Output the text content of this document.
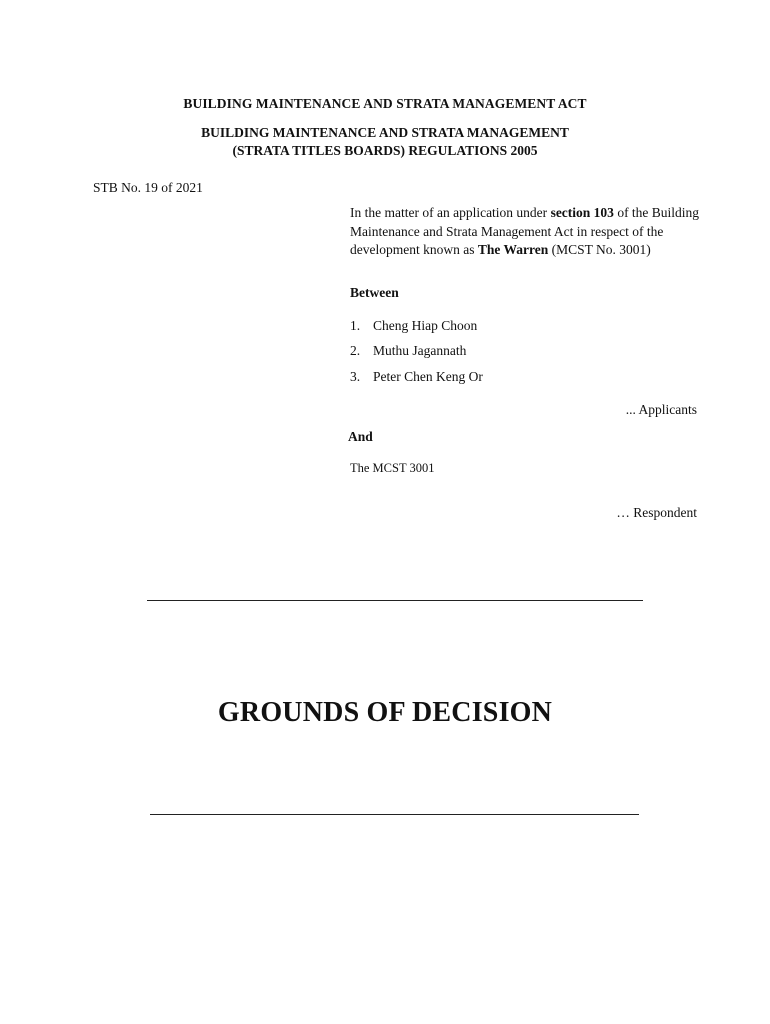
BUILDING MAINTENANCE AND STRATA MANAGEMENT ACT
BUILDING MAINTENANCE AND STRATA MANAGEMENT
(STRATA TITLES BOARDS) REGULATIONS 2005
STB No. 19 of 2021
In the matter of an application under section 103 of the Building Maintenance and Strata Management Act in respect of the development known as The Warren (MCST No. 3001)
Between
1. Cheng Hiap Choon
2. Muthu Jagannath
3. Peter Chen Keng Or
... Applicants
And
The MCST 3001
… Respondent
GROUNDS OF DECISION
